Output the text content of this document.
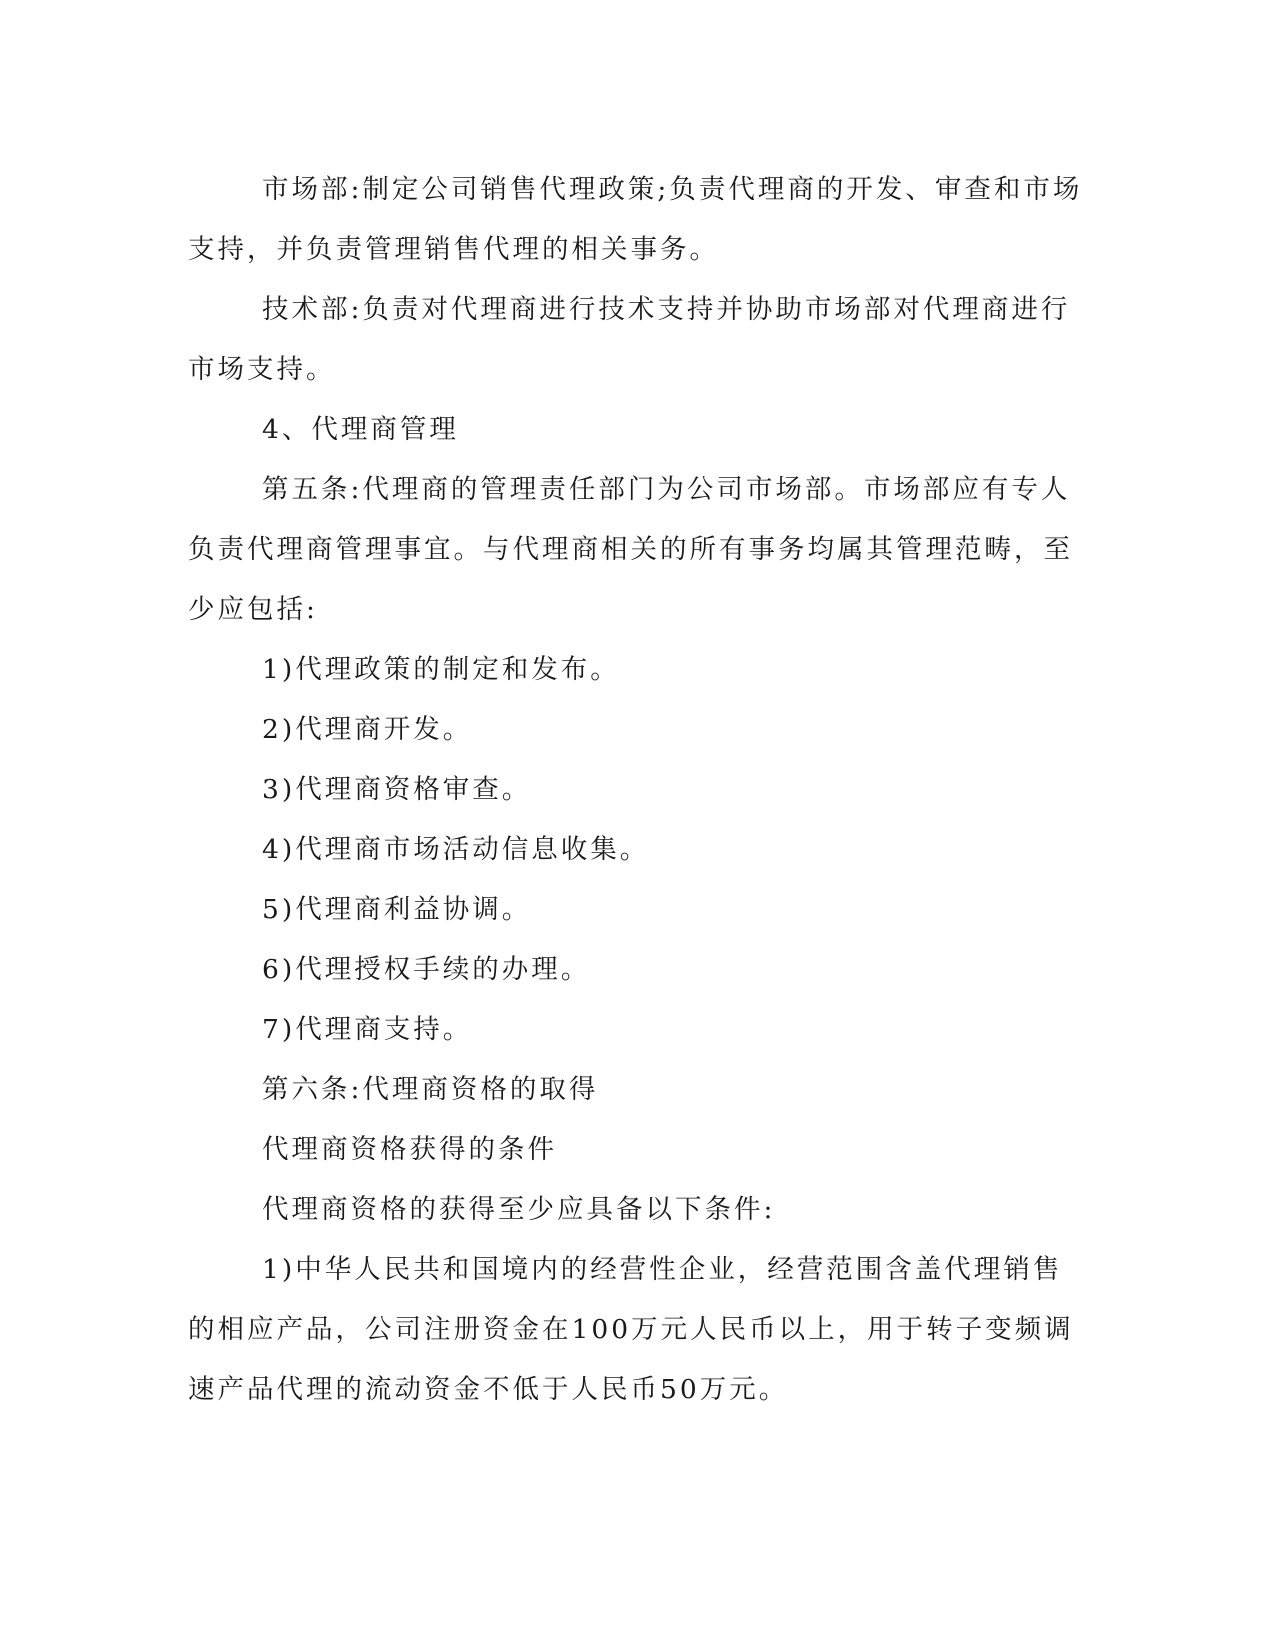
市场部:制定公司销售代理政策;负责代理商的开发、审查和市场支持，并负责管理销售代理的相关事务。

技术部:负责对代理商进行技术支持并协助市场部对代理商进行市场支持。

4、代理商管理

第五条:代理商的管理责任部门为公司市场部。市场部应有专人负责代理商管理事宜。与代理商相关的所有事务均属其管理范畴，至少应包括:

1)代理政策的制定和发布。

2)代理商开发。

3)代理商资格审查。

4)代理商市场活动信息收集。

5)代理商利益协调。

6)代理授权手续的办理。

7)代理商支持。

第六条:代理商资格的取得

代理商资格获得的条件

代理商资格的获得至少应具备以下条件:

1)中华人民共和国境内的经营性企业，经营范围含盖代理销售的相应产品，公司注册资金在100万元人民币以上，用于转子变频调速产品代理的流动资金不低于人民币50万元。
